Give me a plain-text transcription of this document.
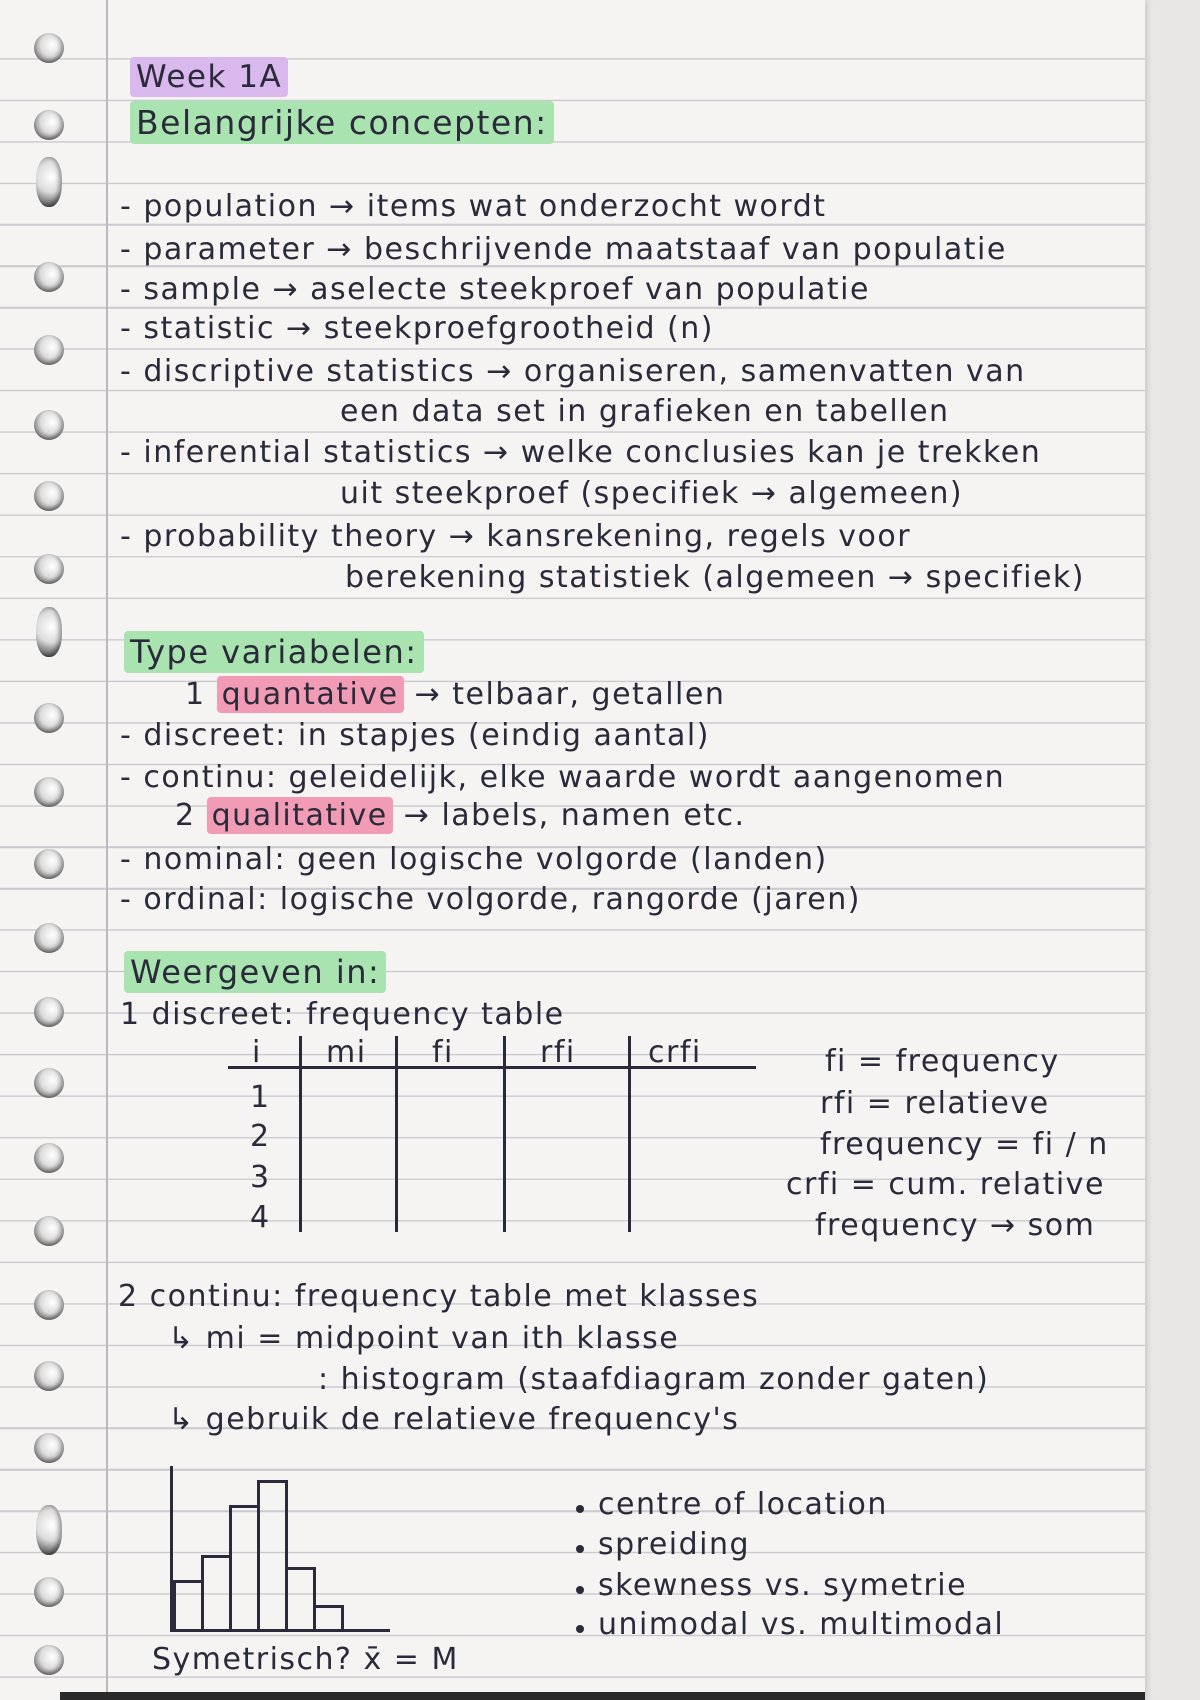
Week 1A
Belangrijke concepten:
- population → items wat onderzocht wordt
- parameter → beschrijvende maatstaaf van populatie
- sample → aselecte steekproef van populatie
- statistic → steekproefgrootheid (n)
- discriptive statistics → organiseren, samenvatten van
een data set in grafieken en tabellen
- inferential statistics → welke conclusies kan je trekken
uit steekproef (specifiek → algemeen)
- probability theory → kansrekening, regels voor
berekening statistiek (algemeen → specifiek)
Type variabelen:
1 quantative → telbaar, getallen
- discreet: in stapjes (eindig aantal)
- continu: geleidelijk, elke waarde wordt aangenomen
2 qualitative → labels, namen etc.
- nominal: geen logische volgorde (landen)
- ordinal: logische volgorde, rangorde (jaren)
Weergeven in:
1 discreet: frequency table
i mi fi	rfi crfi
1
2
3
4
fi = frequency
rfi = relatieve
frequency = fi / n
crfi = cum. relative
frequency → som
2 continu: frequency table met klasses
↳ mi = midpoint van ith klasse
: histogram (staafdiagram zonder gaten)
↳ gebruik de relatieve frequency's
centre of location
spreiding
skewness vs. symetrie
unimodal vs. multimodal
Symetrisch? x̄ = M
